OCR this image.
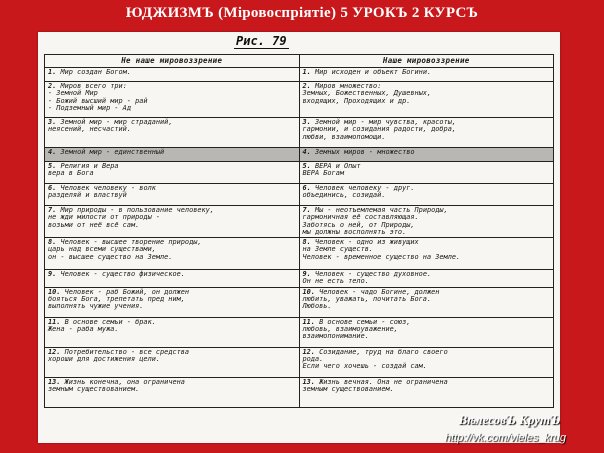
ЮДЖИЗМЪ (Міровоспріятіе) 5 УРОКЪ 2 КУРСЪ
Рис. 79
Не наше мировоззрение	Наше мировоззрение
1. Мир создан Богом.	1. Мир исходен и объект Богини.
2. Миров всего три:
- Земной Мир
- Божий высший мир - рай
- Подземный мир - Ад	2. Миров множество:
Земных, Божественных, Душевных,
входящих, Проходящих и др.
3. Земной мир - мир страданий,
неясений, несчастий.	3. Земной мир - мир чувства, красоты,
гармонии, и созидания радости, добра,
любви, взаимопомощи.
4. Земной мир - единственный	4. Земных миров - множество
5. Религия и Вера
вера в Бога	5. ВЕРА и Опыт
ВЕРА Богам
6. Человек человеку - волк
разделяй и властвуй	6. Человек человеку - друг.
объединись, созидай.
7. Мир природы - в пользование человеку,
не жди милости от природы -
возьми от неё всё сам.	7. Мы - неотъемлемая часть Природы,
гармоничная её составляющая.
Заботясь о ней, от Природы,
мы должны восполнять это.
8. Человек - высшее творение природы,
царь над всеми существами,
он - высшее существо на Земле.	8. Человек - одно из живущих
на Земле существ.
Человек - временное существо на Земле.
9. Человек - существо физическое.	9. Человек - существо духовное.
Он не есть тело.
10. Человек - раб Божий, он должен
бояться Бога, трепетать пред ним,
выполнять чужие учения.	10. Человек - чадо Богине, должен
любить, уважать, почитать Бога.
Любовь.
11. В основе семьи - брак.
Жена - раба мужа.	11. В основе семьи - союз,
любовь, взаимоуважение,
взаимопонимание.
12. Потребительство - все средства
хороши для достижения цели.	12. Созидание, труд на благо своего
рода.
Если чего хочешь - создай сам.
13. Жизнь конечна, она ограничена
земным существованием.	13. Жизнь вечная. Она не ограничена
земным существованием.
ВѣлесовЪ КрутЪ
http://vk.com/vieles_krug
